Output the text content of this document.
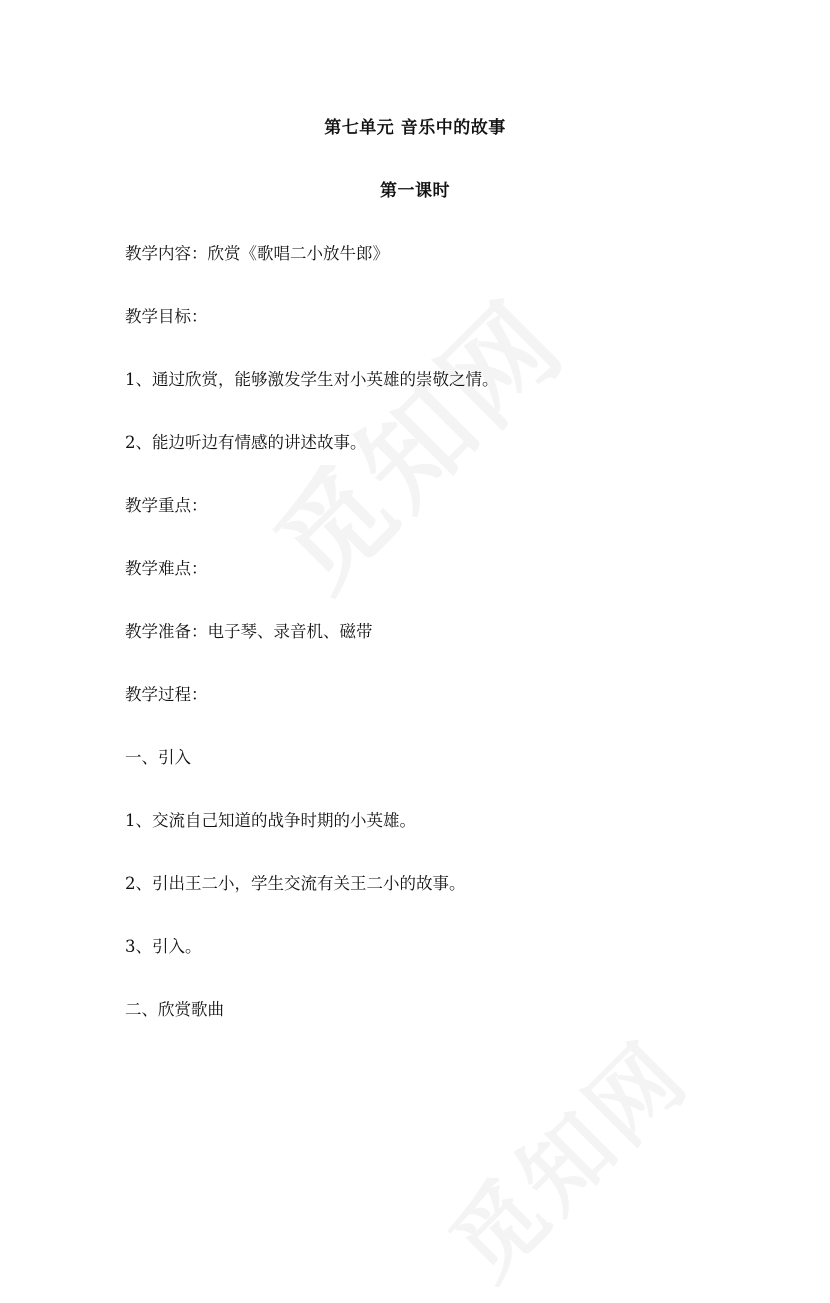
第七单元 音乐中的故事
第一课时
教学内容：欣赏《歌唱二小放牛郎》
教学目标：
1、通过欣赏，能够激发学生对小英雄的崇敬之情。
2、能边听边有情感的讲述故事。
教学重点：
教学难点：
教学准备：电子琴、录音机、磁带
教学过程：
一、引入
1、交流自己知道的战争时期的小英雄。
2、引出王二小，学生交流有关王二小的故事。
3、引入。
二、欣赏歌曲
